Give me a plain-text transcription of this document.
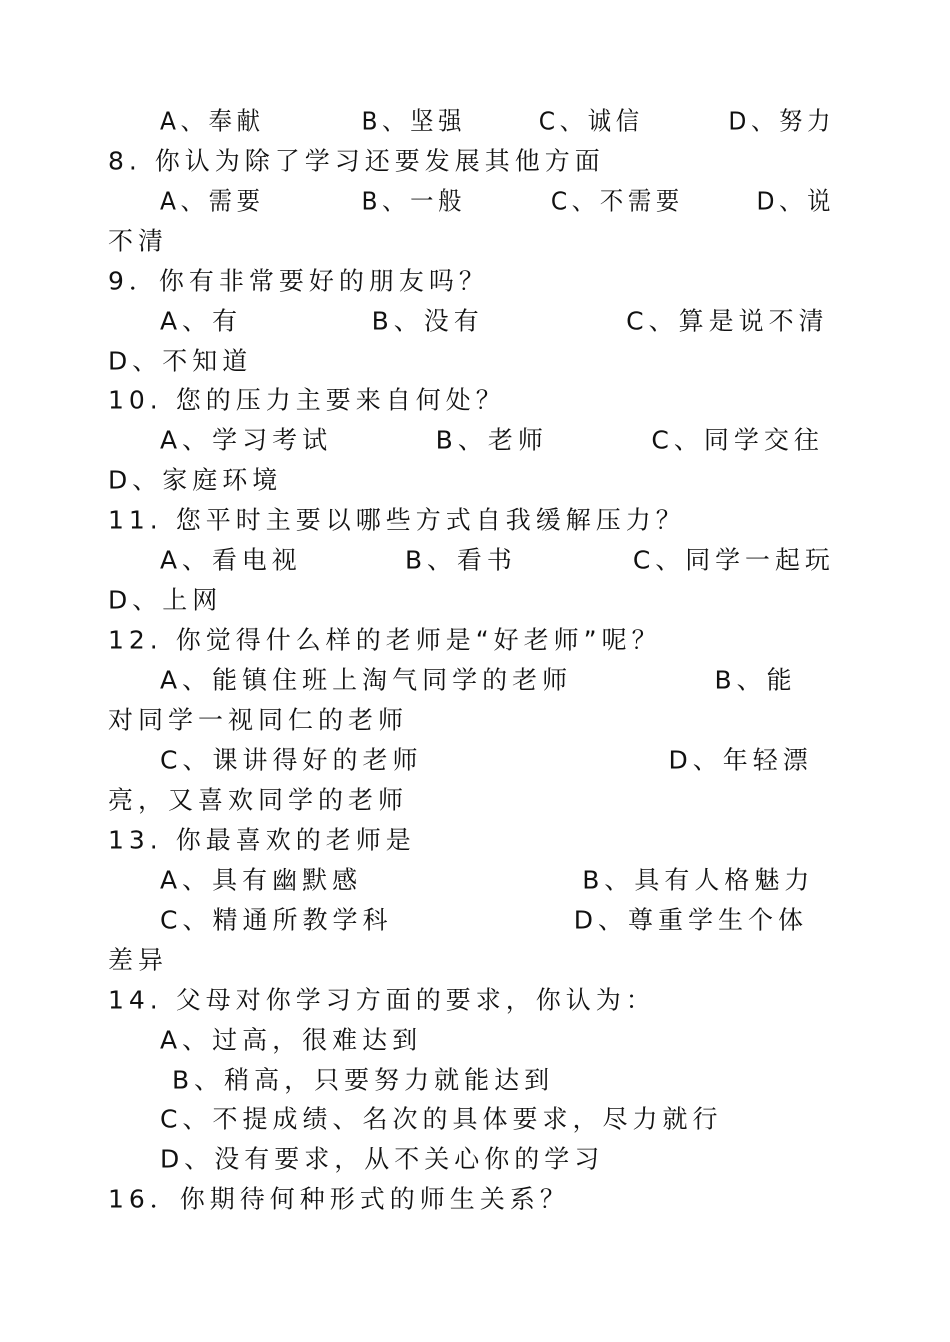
A、奉献        B、坚强      C、诚信       D、努力
8. 你认为除了学习还要发展其他方面
A、需要        B、一般       C、不需要      D、说
不清
9．你有非常要好的朋友吗？
A、有          B、没有           C、算是说不清
D、不知道
10. 您的压力主要来自何处？
A、学习考试        B、老师        C、同学交往
D、家庭环境
11. 您平时主要以哪些方式自我缓解压力？
A、看电视        B、看书         C、同学一起玩
D、上网
12. 你觉得什么样的老师是“好老师”呢？
A、能镇住班上淘气同学的老师           B、能
对同学一视同仁的老师
C、课讲得好的老师                   D、年轻漂
亮，又喜欢同学的老师
13. 你最喜欢的老师是
A、具有幽默感                 B、具有人格魅力
C、精通所教学科              D、尊重学生个体
差异
14. 父母对你学习方面的要求，你认为：
A、过高，很难达到
B、稍高，只要努力就能达到
C、不提成绩、名次的具体要求，尽力就行
D、没有要求，从不关心你的学习
16．你期待何种形式的师生关系？
